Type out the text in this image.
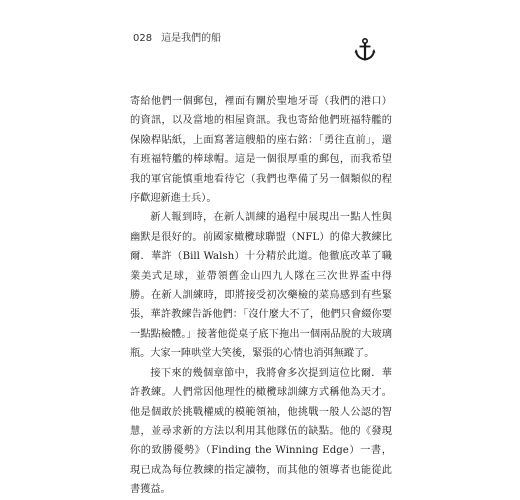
028 這是我們的船

寄給他們一個郵包，裡面有關於聖地牙哥（我們的港口）的資訊，以及當地的相屋資訊。我也寄給他們班福特艦的保險桿貼紙，上面寫著這艘船的座右銘：「勇往直前」，還有班福特艦的棒球帽。這是一個很厚重的郵包，而我希望我的軍官能慎重地看待它（我們也準備了另一個類似的程序歡迎新進士兵）。

新人報到時，在新人訓練的過程中展現出一點人性與幽默是很好的。前國家橄欖球聯盟（NFL）的偉大教練比爾．華許（Bill Walsh）十分精於此道。他徹底改革了職業美式足球，並帶領舊金山四九人隊在三次世界盃中得勝。在新人訓練時，即將接受初次藥檢的菜鳥感到有些緊張，華許教練告訴他們：「沒什麼大不了，他們只會綴你要一點點檢體。」接著他從桌子底下拖出一個兩品脫的大玻璃瓶。大家一陣哄堂大笑後，緊張的心情也消弭無蹤了。

接下來的幾個章節中，我將會多次提到這位比爾．華許教練。人們常因他理性的橄欖球訓練方式稱他為天才。他是個敢於挑戰權威的模範領袖，他挑戰一般人公認的智慧，並尋求新的方法以利用其他隊伍的缺點。他的《發現你的致勝優勢》（Finding the Winning Edge）一書，現已成為每位教練的指定讀物，而其他的領導者也能從此書獲益。
